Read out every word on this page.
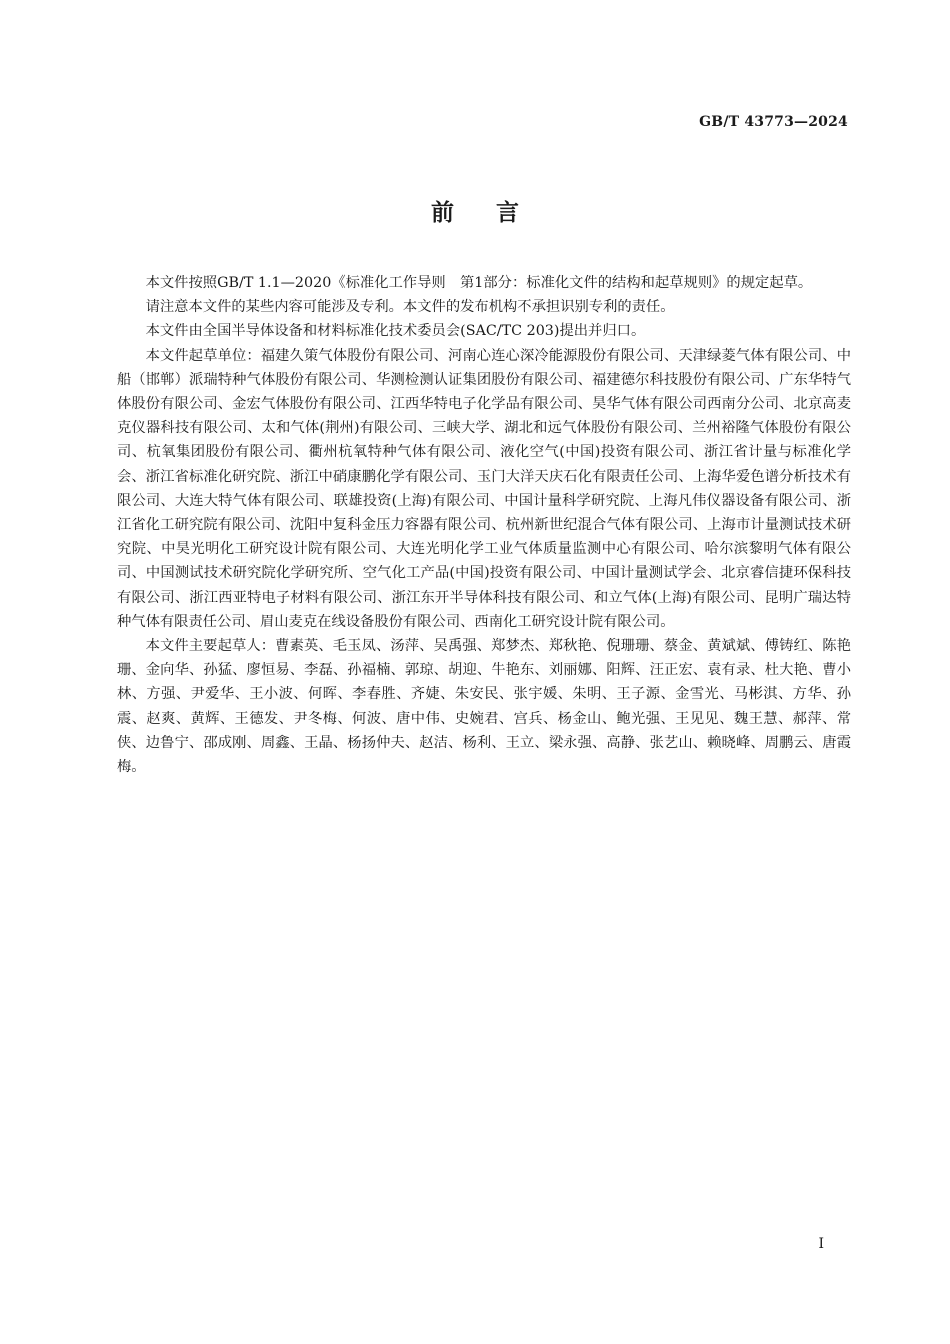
GB/T 43773—2024
前言

本文件按照GB/T 1.1—2020《标准化工作导则　第1部分：标准化文件的结构和起草规则》的规定起草。

请注意本文件的某些内容可能涉及专利。本文件的发布机构不承担识别专利的责任。

本文件由全国半导体设备和材料标准化技术委员会(SAC/TC 203)提出并归口。

本文件起草单位：福建久策气体股份有限公司、河南心连心深冷能源股份有限公司、天津绿菱气体有限公司、中船（邯郸）派瑞特种气体股份有限公司、华测检测认证集团股份有限公司、福建德尔科技股份有限公司、广东华特气体股份有限公司、金宏气体股份有限公司、江西华特电子化学品有限公司、昊华气体有限公司西南分公司、北京高麦克仪器科技有限公司、太和气体(荆州)有限公司、三峡大学、湖北和远气体股份有限公司、兰州裕隆气体股份有限公司、杭氧集团股份有限公司、衢州杭氧特种气体有限公司、液化空气(中国)投资有限公司、浙江省计量与标准化学会、浙江省标准化研究院、浙江中硝康鹏化学有限公司、玉门大洋天庆石化有限责任公司、上海华爱色谱分析技术有限公司、大连大特气体有限公司、联雄投资(上海)有限公司、中国计量科学研究院、上海凡伟仪器设备有限公司、浙江省化工研究院有限公司、沈阳中复科金压力容器有限公司、杭州新世纪混合气体有限公司、上海市计量测试技术研究院、中昊光明化工研究设计院有限公司、大连光明化学工业气体质量监测中心有限公司、哈尔滨黎明气体有限公司、中国测试技术研究院化学研究所、空气化工产品(中国)投资有限公司、中国计量测试学会、北京睿信捷环保科技有限公司、浙江西亚特电子材料有限公司、浙江东开半导体科技有限公司、和立气体(上海)有限公司、昆明广瑞达特种气体有限责任公司、眉山麦克在线设备股份有限公司、西南化工研究设计院有限公司。

本文件主要起草人：曹素英、毛玉凤、汤萍、吴禹强、郑梦杰、郑秋艳、倪珊珊、蔡金、黄斌斌、傅铸红、陈艳珊、金向华、孙猛、廖恒易、李磊、孙福楠、郭琼、胡迎、牛艳东、刘丽娜、阳辉、汪正宏、袁有录、杜大艳、曹小林、方强、尹爱华、王小波、何晖、李春胜、齐婕、朱安民、张宇媛、朱明、王子源、金雪光、马彬淇、方华、孙震、赵爽、黄辉、王德发、尹冬梅、何波、唐中伟、史婉君、宫兵、杨金山、鲍光强、王见见、魏王慧、郝萍、常侠、边鲁宁、邵成刚、周鑫、王晶、杨扬仲夫、赵洁、杨利、王立、梁永强、高静、张艺山、赖晓峰、周鹏云、唐霞梅。

I
